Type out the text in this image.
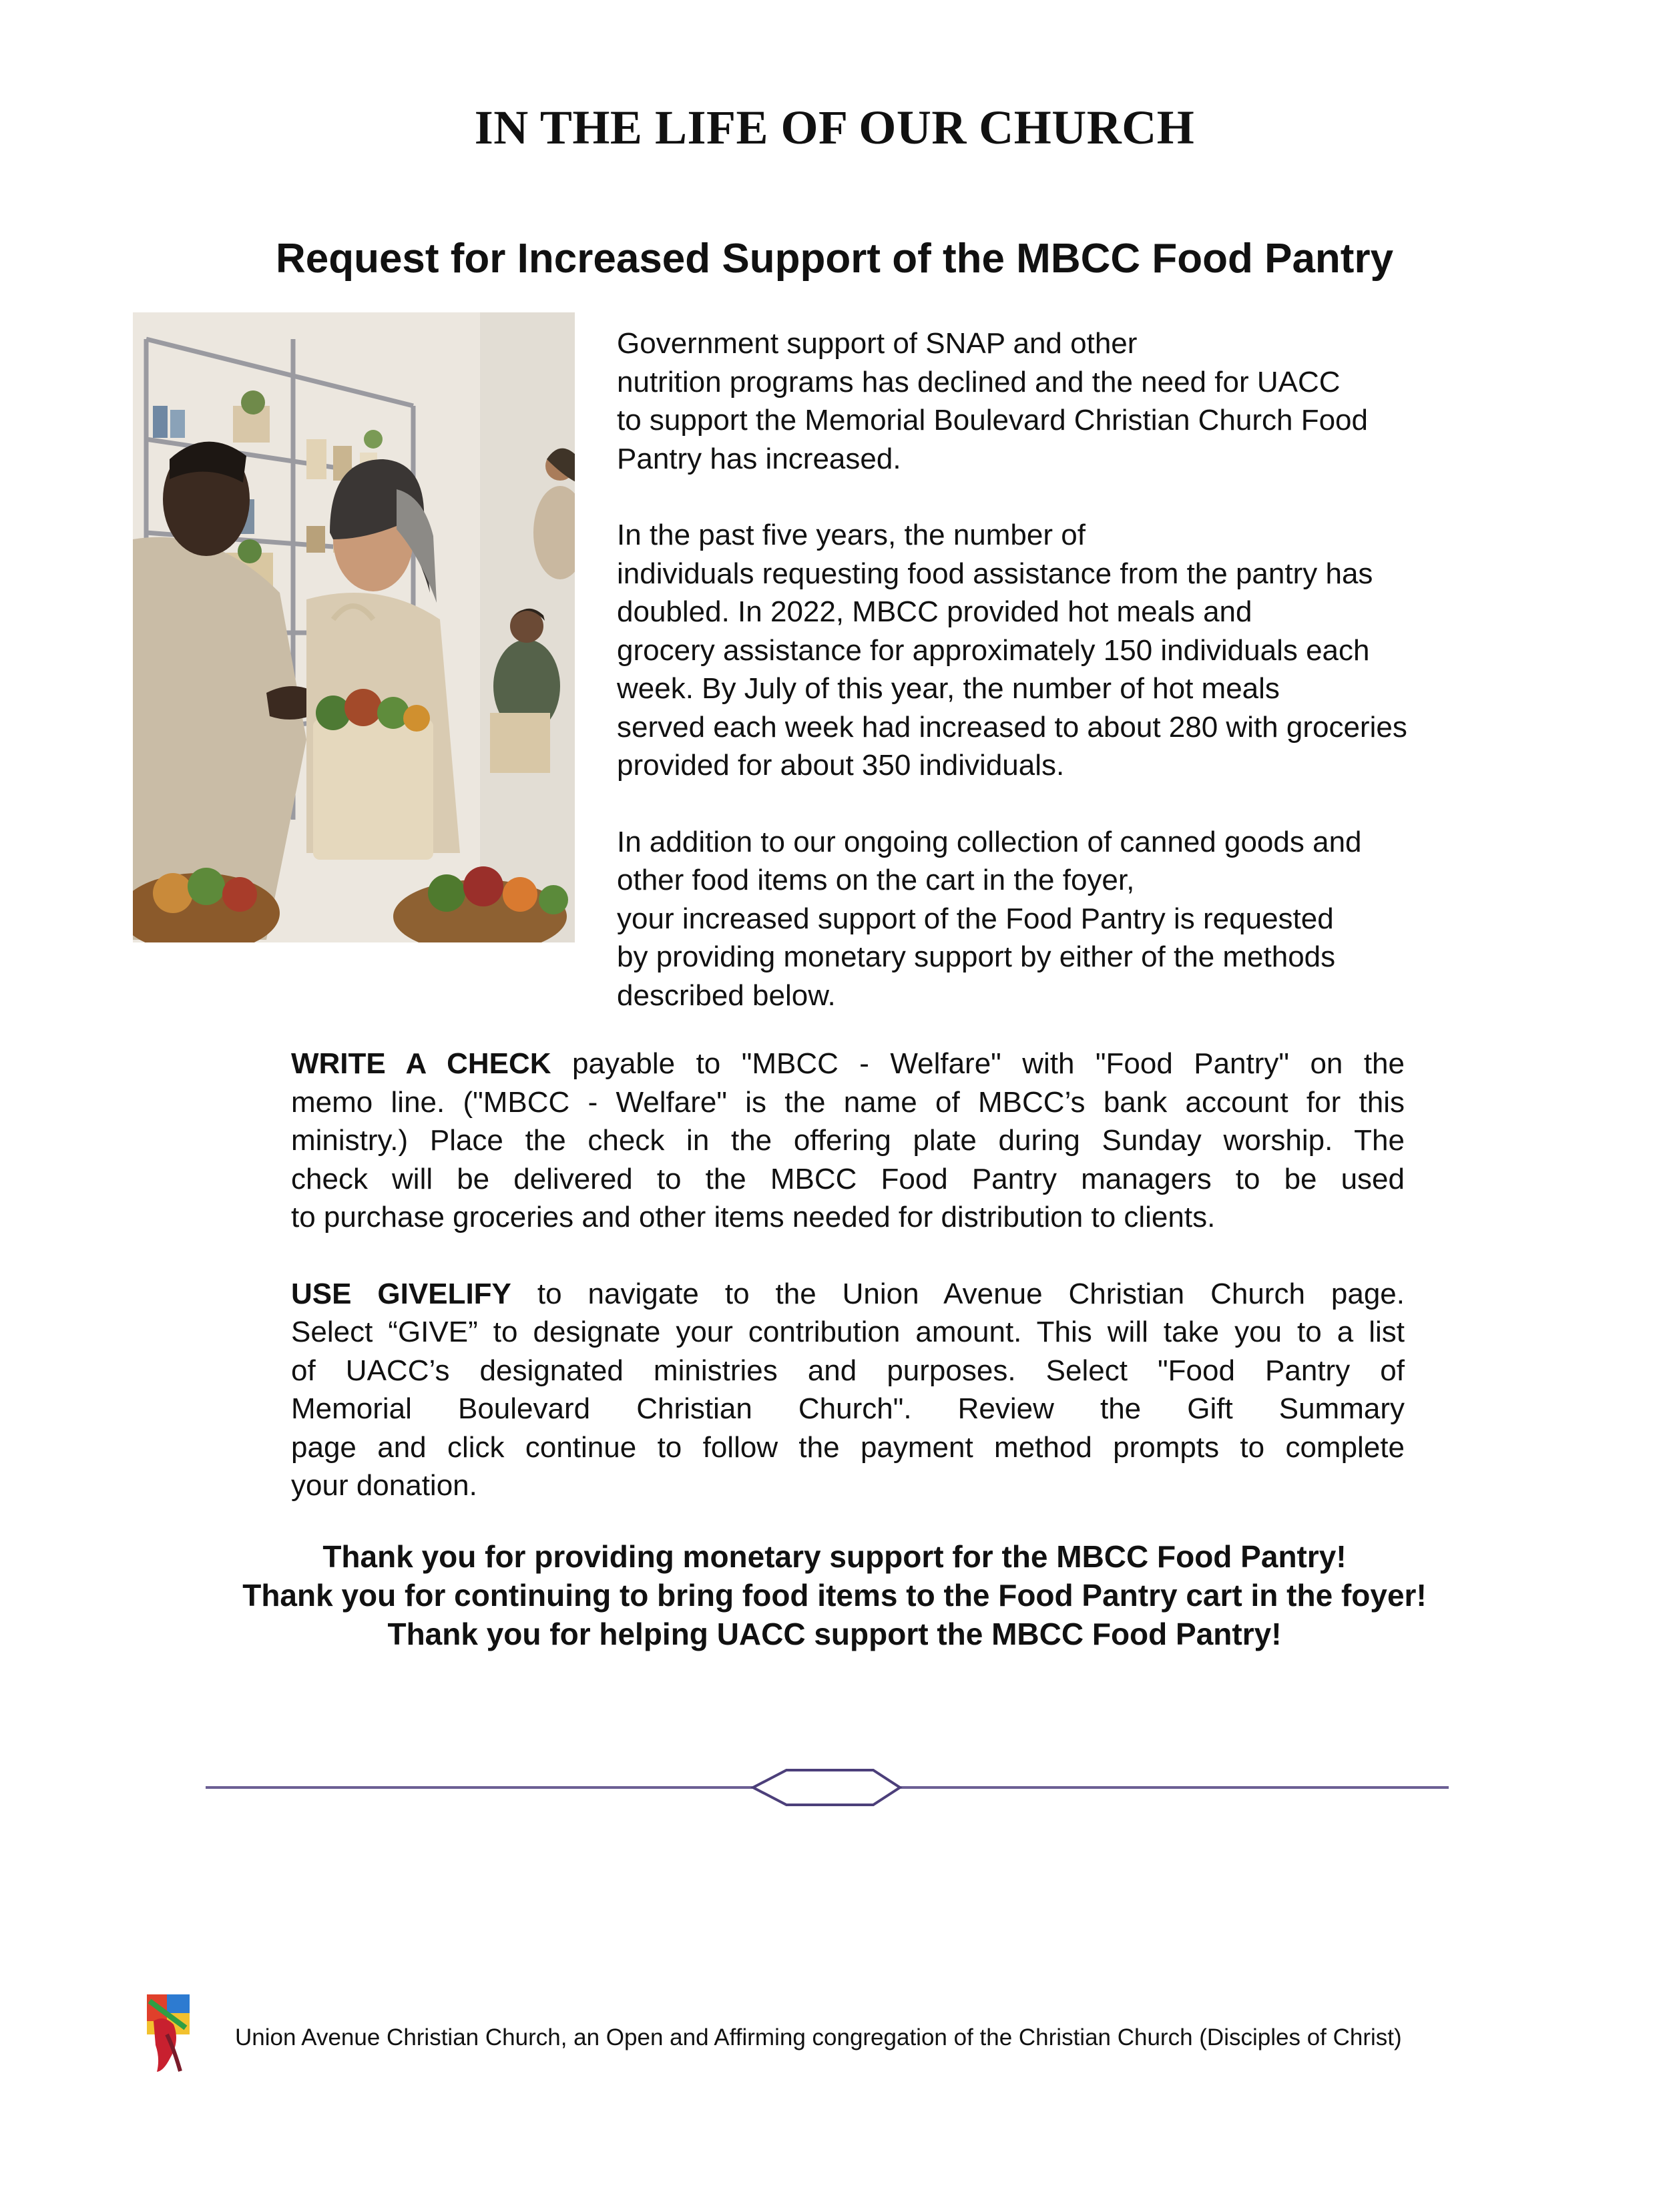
IN THE LIFE OF OUR CHURCH
Request for Increased Support of the MBCC Food Pantry

Government support of SNAP and other
nutrition programs has declined and the need for UACC
to support the Memorial Boulevard Christian Church Food
Pantry has increased.

In the past five years, the number of
individuals requesting food assistance from the pantry has
doubled. In 2022, MBCC provided hot meals and
grocery assistance for approximately 150 individuals each
week. By July of this year, the number of hot meals
served each week had increased to about 280 with groceries
provided for about 350 individuals.

In addition to our ongoing collection of canned goods and
other food items on the cart in the foyer,
your increased support of the Food Pantry is requested
by providing monetary support by either of the methods
described below.

WRITE A CHECK payable to "MBCC - Welfare" with "Food Pantry" on the
memo line. ("MBCC - Welfare" is the name of MBCC’s bank account for this
ministry.) Place the check in the offering plate during Sunday worship. The
check will be delivered to the MBCC Food Pantry managers to be used
to purchase groceries and other items needed for distribution to clients.

USE GIVELIFY to navigate to the Union Avenue Christian Church page.
Select “GIVE” to designate your contribution amount. This will take you to a list
of UACC’s designated ministries and purposes. Select "Food Pantry of
Memorial Boulevard Christian Church". Review the Gift Summary
page and click continue to follow the payment method prompts to complete
your donation.

Thank you for providing monetary support for the MBCC Food Pantry!
Thank you for continuing to bring food items to the Food Pantry cart in the foyer!
Thank you for helping UACC support the MBCC Food Pantry!
Union Avenue Christian Church, an Open and Affirming congregation of the Christian Church (Disciples of Christ)
